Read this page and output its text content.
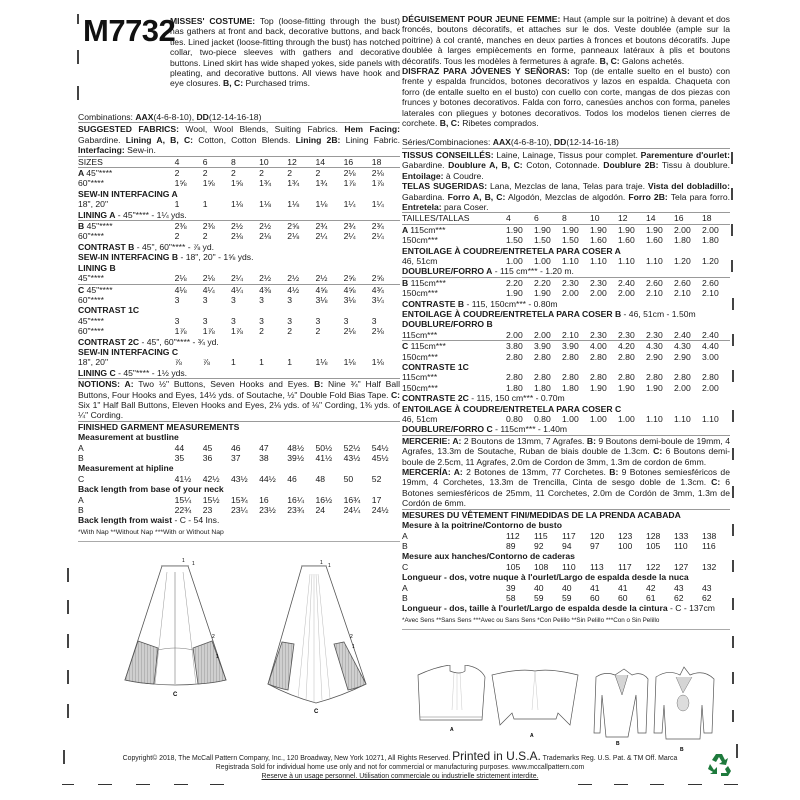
M7732
MISSES' COSTUME: Top (loose-fitting through the bust) has gathers at front and back, decorative buttons, and back ties. Lined jacket (loose-fitting through the bust) has notched collar, two-piece sleeves with gathers and decorative buttons. Lined skirt has wide shaped yokes, side panels with pleating, and decorative buttons. All views have hook and eye closures. B, C: Purchased trims.
Combinations: AAX(4-6-8-10), DD(12-14-16-18)
SUGGESTED FABRICS: Wool, Wool Blends, Suiting Fabrics. Hem Facing: Gabardine. Lining A, B, C: Cotton, Cotton Blends. Lining 2B: Lining Fabric. Interfacing: Sew-in.
SIZES	4	6	8	10	12	14	16	18
A 45"****	2	2	2	2	2	2	2⅛	2⅛
60"****	1⅝	1⅝	1⅝	1¾	1¾	1¾	1⅞	1⅞
SEW-IN INTERFACING A								
18", 20"	1	1	1⅛	1⅛	1⅛	1⅛	1¼	1¼
LINING A - 45"**** - 1¼ yds.								
B 45"****	2⅜	2⅜	2½	2½	2⅝	2¾	2¾	2¾
60"****	2	2	2⅛	2⅛	2⅛	2¼	2¼	2¼
CONTRAST B - 45", 60"**** - ⅞ yd.								
SEW-IN INTERFACING B - 18", 20" - 1⅝ yds.								
LINING B								
45"****	2⅛	2⅛	2¼	2½	2½	2½	2⅝	2⅝
C 45"****	4⅛	4¼	4¼	4⅜	4½	4⅝	4⅝	4¾
60"****	3	3	3	3	3	3⅛	3⅛	3¼
CONTRAST 1C								
45"****	3	3	3	3	3	3	3	3
60"****	1⅞	1⅞	1⅞	2	2	2	2⅛	2⅛
CONTRAST 2C - 45", 60"**** - ¾ yd.								
SEW-IN INTERFACING C								
18", 20"	⅞	⅞	1	1	1	1⅛	1⅛	1⅛
LINING C - 45"**** - 1½ yds.								
NOTIONS: A: Two ½" Buttons, Seven Hooks and Eyes. B: Nine ¾" Half Ball Buttons, Four Hooks and Eyes, 14½ yds. of Soutache, ½" Double Fold Bias Tape. C: Six 1" Half Ball Buttons, Eleven Hooks and Eyes, 2⅛ yds. of ⅛" Cording, 1⅜ yds. of ¼" Cording.
FINISHED GARMENT MEASUREMENTS								
Measurement at bustline								
A	44	45	46	47	48½	50½	52½	54½
B	35	36	37	38	39½	41½	43½	45½
Measurement at hipline								
C	41½	42½	43½	44½	46	48	50	52
Back length from base of your neck								
A	15¼	15½	15¾	16	16¼	16½	16¾	17
B	22¾	23	23¼	23½	23¾	24	24¼	24½
Back length from waist - C - 54 Ins.								
*With Nap **Without Nap ***With or Without Nap
DÉGUISEMENT POUR JEUNE FEMME: Haut (ample sur la poitrine) à devant et dos froncés, boutons décoratifs, et attaches sur le dos. Veste doublée (ample sur la poitrine) à col cranté, manches en deux parties à fronces et boutons décoratifs. Jupe doublée à larges empiècements en forme, panneaux latéraux à plis et boutons décoratifs. Tous les modèles à fermetures à agrafe. B, C: Galons achetés.
DISFRAZ PARA JÓVENES Y SEÑORAS: Top (de entalle suelto en el busto) con frente y espalda fruncidos, botones decorativos y lazos en espalda. Chaqueta con forro (de entalle suelto en el busto) con cuello con corte, mangas de dos piezas con frunces y botones decorativos. Falda con forro, canesúes anchos con forma, paneles laterales con pliegues y botones decorativos. Todos los modelos tienen cierres de corchete. B, C: Ribetes comprados.
Séries/Combinaciones: AAX(4-6-8-10), DD(12-14-16-18)
TISSUS CONSEILLÉS: Laine, Lainage, Tissus pour complet. Parementure d'ourlet: Gabardine. Doublure A, B, C: Coton, Cotonnade. Doublure 2B: Tissu à doublure. Entoilage: à Coudre.
TELAS SUGERIDAS: Lana, Mezclas de lana, Telas para traje. Vista del dobladillo: Gabardina. Forro A, B, C: Algodón, Mezclas de algodón. Forro 2B: Tela para forro. Entretela: para Coser.
TAILLES/TALLAS	4	6	8	10	12	14	16	18
A 115cm***	1.90	1.90	1.90	1.90	1.90	1.90	2.00	2.00
150cm***	1.50	1.50	1.50	1.60	1.60	1.60	1.80	1.80
ENTOILAGE À COUDRE/ENTRETELA PARA COSER A								
46, 51cm	1.00	1.00	1.10	1.10	1.10	1.10	1.20	1.20
DOUBLURE/FORRO A - 115 cm*** - 1.20 m.								
B 115cm***	2.20	2.20	2.30	2.30	2.40	2.60	2.60	2.60
150cm***	1.90	1.90	2.00	2.00	2.00	2.10	2.10	2.10
CONTRASTE B - 115, 150cm*** - 0.80m								
ENTOILAGE À COUDRE/ENTRETELA PARA COSER B - 46, 51cm - 1.50m								
DOUBLURE/FORRO B								
115cm***	2.00	2.00	2.10	2.30	2.30	2.30	2.40	2.40
C 115cm***	3.80	3.90	3.90	4.00	4.20	4.30	4.30	4.40
150cm***	2.80	2.80	2.80	2.80	2.80	2.90	2.90	3.00
CONTRASTE 1C								
115cm***	2.80	2.80	2.80	2.80	2.80	2.80	2.80	2.80
150cm***	1.80	1.80	1.80	1.90	1.90	1.90	2.00	2.00
CONTRASTE 2C - 115, 150 cm*** - 0.70m								
ENTOILAGE À COUDRE/ENTRETELA PARA COSER C								
46, 51cm	0.80	0.80	1.00	1.00	1.00	1.10	1.10	1.10
DOUBLURE/FORRO C - 115cm*** - 1.40m								
MERCERIE: A: 2 Boutons de 13mm, 7 Agrafes. B: 9 Boutons demi-boule de 19mm, 4 Agrafes, 13.3m de Soutache, Ruban de biais double de 1.3cm. C: 6 Boutons demi-boule de 2.5cm, 11 Agrafes, 2.0m de Cordon de 3mm, 1.3m de cordon de 6mm.
MERCERÍA: A: 2 Botones de 13mm, 77 Corchetes. B: 9 Botones semiesféricos de 19mm, 4 Corchetes, 13.3m de Trencilla, Cinta de sesgo doble de 1.3cm. C: 6 Botones semiesféricos de 25mm, 11 Corchetes, 2.0m de Cordón de 3mm, 1.3m de Cordón de 6mm.
MESURES DU VÊTEMENT FINI/MEDIDAS DE LA PRENDA ACABADA								
Mesure à la poitrine/Contorno de busto								
A	112	115	117	120	123	128	133	138
B	89	92	94	97	100	105	110	116
Mesure aux hanches/Contorno de caderas								
C	105	108	110	113	117	122	127	132
Longueur - dos, votre nuque à l'ourlet/Largo de espalda desde la nuca								
A	39	40	40	41	41	42	43	43
B	58	59	59	60	60	61	62	62
Longueur - dos, taille à l'ourlet/Largo de espalda desde la cintura - C - 137cm								
*Avec Sens **Sans Sens ***Avec ou Sans Sens *Con Pelillo **Sin Pelillo ***Con o Sin Pelillo
C
C
1 1
2
1
2
1
1 1
A
A
B
B
Copyright© 2018, The McCall Pattern Company, Inc., 120 Broadway, New York 10271, All Rights Reserved. Printed in U.S.A. Trademarks Reg. U.S. Pat. & TM Off. Marca
Registrada Sold for individual home use only and not for commercial or manufacturing purposes. www.mccallpattern.com
Reserve à un usage personnel. Utilisation commerciale ou industrielle strictement interdite.
